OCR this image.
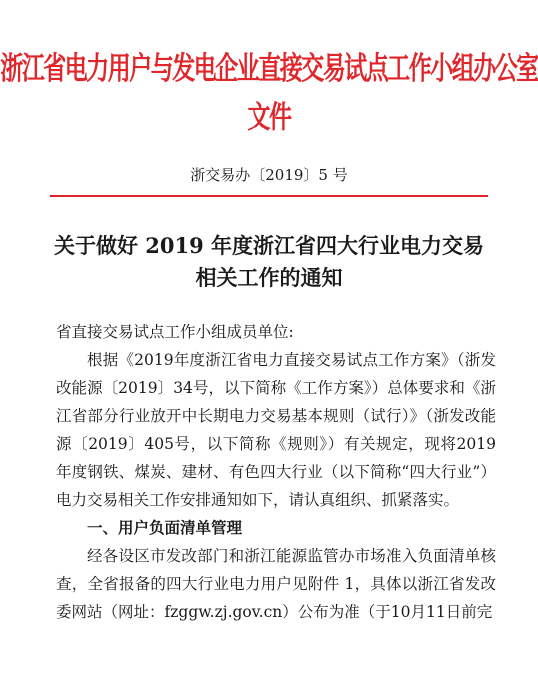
浙江省电力用户与发电企业直接交易试点工作小组办公室文件
浙交易办〔2019〕5 号
关于做好 2019 年度浙江省四大行业电力交易
相关工作的通知

省直接交易试点工作小组成员单位:

根据《2019年度浙江省电力直接交易试点工作方案》（浙发改能源〔2019〕34号，以下简称《工作方案》）总体要求和《浙江省部分行业放开中长期电力交易基本规则（试行）》（浙发改能源〔2019〕405号，以下简称《规则》）有关规定，现将2019年度钢铁、煤炭、建材、有色四大行业（以下简称“四大行业”）电力交易相关工作安排通知如下，请认真组织、抓紧落实。

一、用户负面清单管理

经各设区市发改部门和浙江能源监管办市场准入负面清单核查，全省报备的四大行业电力用户见附件 1，具体以浙江省发改委网站（网址：fzggw.zj.gov.cn）公布为准（于10月11日前完
